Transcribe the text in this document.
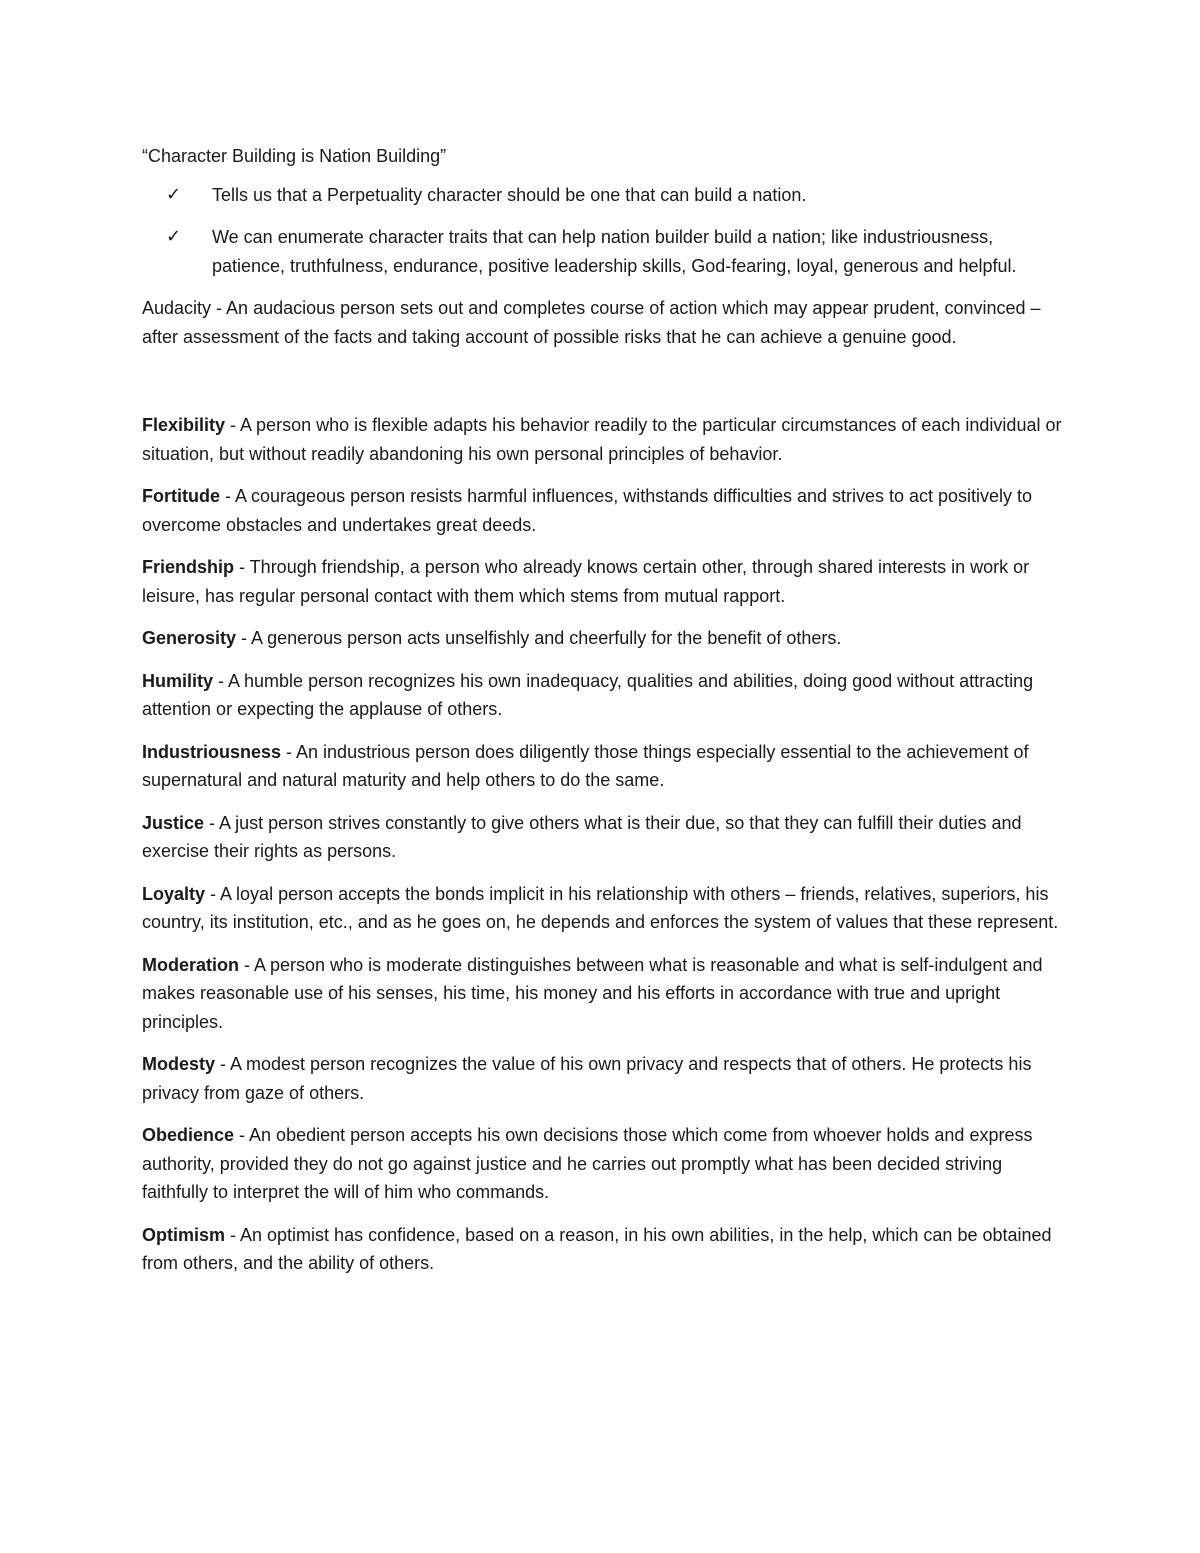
“Character Building is Nation Building”

✓ Tells us that a Perpetuality character should be one that can build a nation.
✓ We can enumerate character traits that can help nation builder build a nation; like industriousness, patience, truthfulness, endurance, positive leadership skills, God-fearing, loyal, generous and helpful.

Audacity - An audacious person sets out and completes course of action which may appear prudent, convinced – after assessment of the facts and taking account of possible risks that he can achieve a genuine good.

Flexibility - A person who is flexible adapts his behavior readily to the particular circumstances of each individual or situation, but without readily abandoning his own personal principles of behavior.

Fortitude - A courageous person resists harmful influences, withstands difficulties and strives to act positively to overcome obstacles and undertakes great deeds.

Friendship - Through friendship, a person who already knows certain other, through shared interests in work or leisure, has regular personal contact with them which stems from mutual rapport.

Generosity - A generous person acts unselfishly and cheerfully for the benefit of others.

Humility - A humble person recognizes his own inadequacy, qualities and abilities, doing good without attracting attention or expecting the applause of others.

Industriousness - An industrious person does diligently those things especially essential to the achievement of supernatural and natural maturity and help others to do the same.

Justice - A just person strives constantly to give others what is their due, so that they can fulfill their duties and exercise their rights as persons.

Loyalty - A loyal person accepts the bonds implicit in his relationship with others – friends, relatives, superiors, his country, its institution, etc., and as he goes on, he depends and enforces the system of values that these represent.

Moderation - A person who is moderate distinguishes between what is reasonable and what is self-indulgent and makes reasonable use of his senses, his time, his money and his efforts in accordance with true and upright principles.

Modesty - A modest person recognizes the value of his own privacy and respects that of others. He protects his privacy from gaze of others.

Obedience - An obedient person accepts his own decisions those which come from whoever holds and express authority, provided they do not go against justice and he carries out promptly what has been decided striving faithfully to interpret the will of him who commands.

Optimism - An optimist has confidence, based on a reason, in his own abilities, in the help, which can be obtained from others, and the ability of others.
